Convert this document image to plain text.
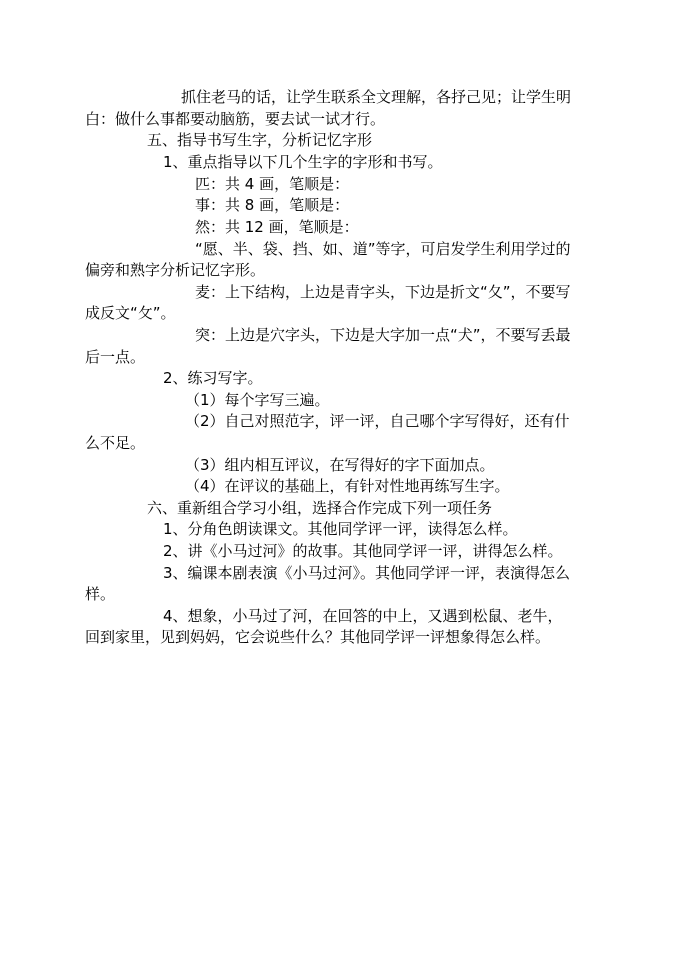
抓住老马的话，让学生联系全文理解，各抒己见；让学生明
白：做什么事都要动脑筋，要去试一试才行。
五、指导书写生字，分析记忆字形
1、重点指导以下几个生字的字形和书写。
匹：共 4 画，笔顺是：
事：共 8 画，笔顺是：
然：共 12 画，笔顺是：
“愿、半、袋、挡、如、道”等字，可启发学生利用学过的
偏旁和熟字分析记忆字形。
麦：上下结构，上边是青字头，下边是折文“夂”，不要写
成反文“攵”。
突：上边是穴字头，下边是大字加一点“犬”，不要写丢最
后一点。
2、练习写字。
（1）每个字写三遍。
（2）自己对照范字，评一评，自己哪个字写得好，还有什
么不足。
（3）组内相互评议，在写得好的字下面加点。
（4）在评议的基础上，有针对性地再练写生字。
六、重新组合学习小组，选择合作完成下列一项任务
1、分角色朗读课文。其他同学评一评，读得怎么样。
2、讲《小马过河》的故事。其他同学评一评，讲得怎么样。
3、编课本剧表演《小马过河》。其他同学评一评，表演得怎么
样。
4、想象，小马过了河，在回答的中上，又遇到松鼠、老牛，
回到家里，见到妈妈，它会说些什么？其他同学评一评想象得怎么样。
